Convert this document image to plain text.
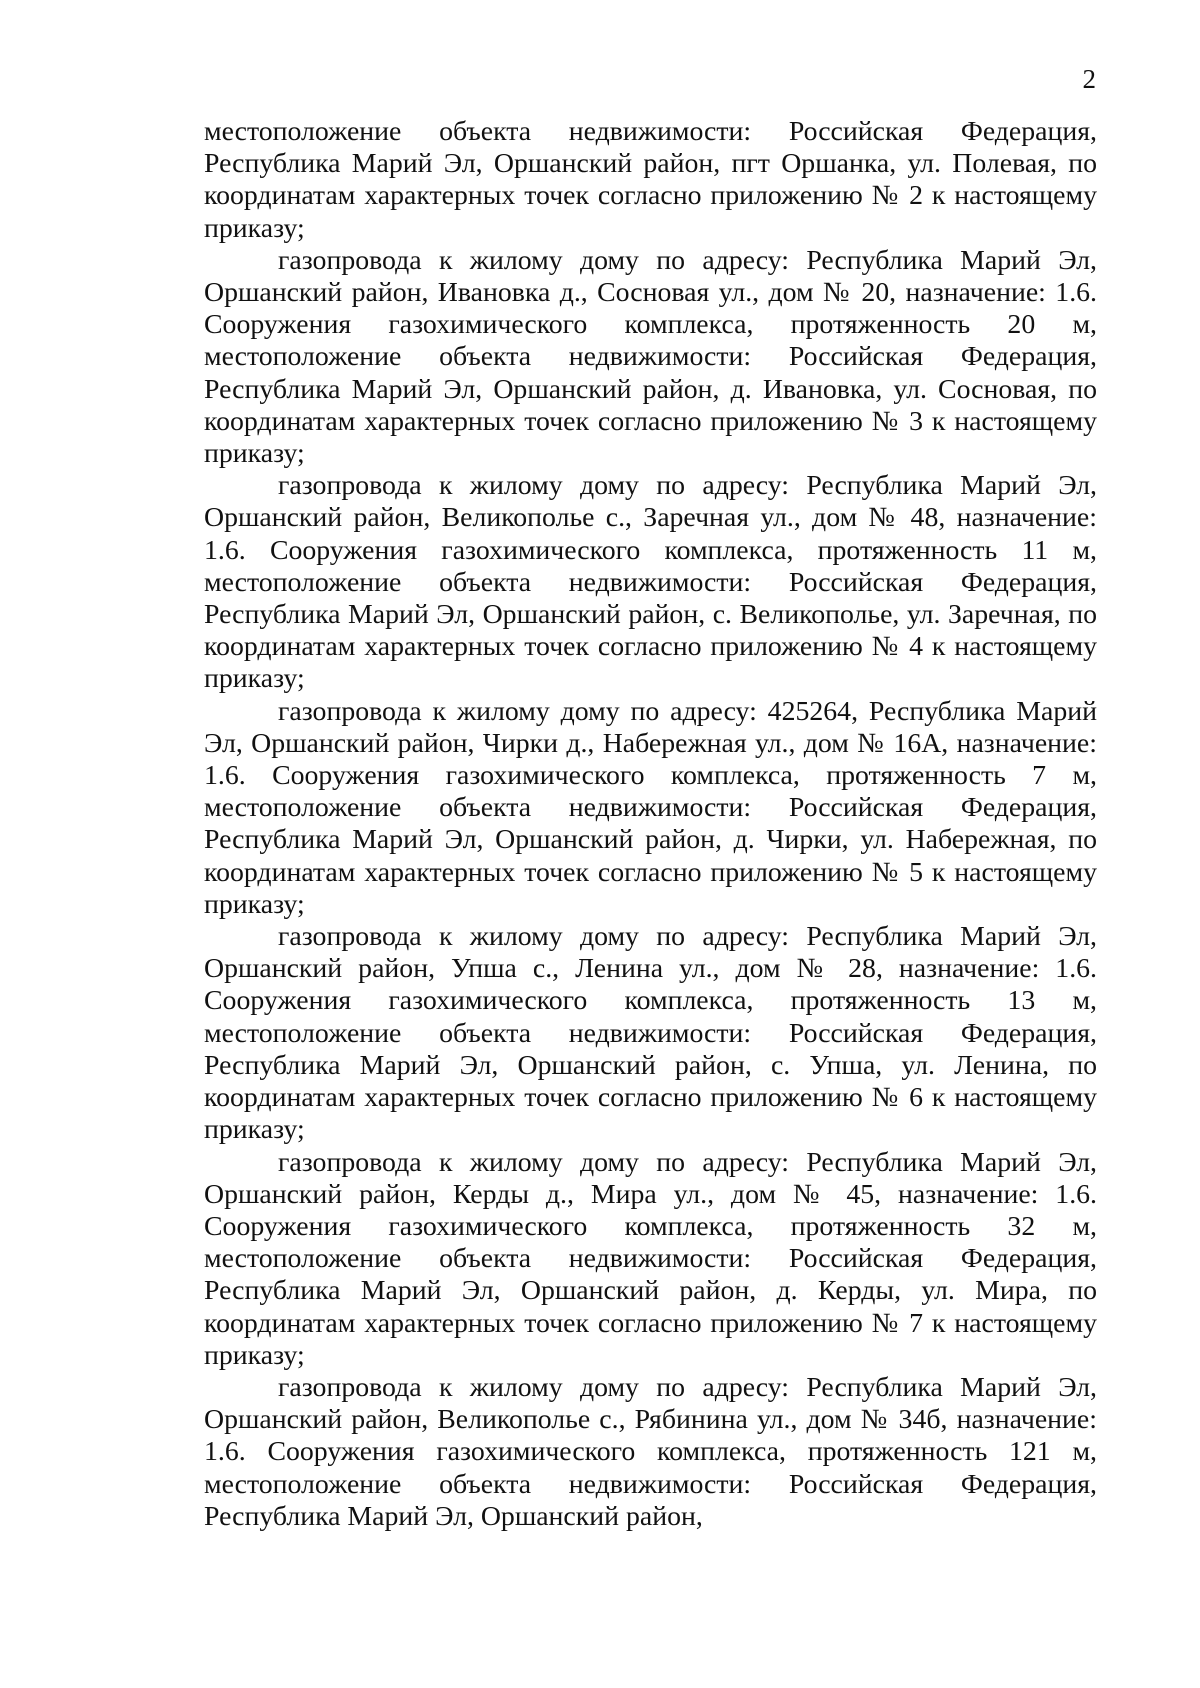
2

местоположение объекта недвижимости: Российская Федерация, Республика Марий Эл, Оршанский район, пгт Оршанка, ул. Полевая, по координатам характерных точек согласно приложению № 2 к настоящему приказу;

газопровода к жилому дому по адресу: Республика Марий Эл, Оршанский район, Ивановка д., Сосновая ул., дом № 20, назначение: 1.6. Сооружения газохимического комплекса, протяженность 20 м, местоположение объекта недвижимости: Российская Федерация, Республика Марий Эл, Оршанский район, д. Ивановка, ул. Сосновая, по координатам характерных точек согласно приложению № 3 к настоящему приказу;

газопровода к жилому дому по адресу: Республика Марий Эл, Оршанский район, Великополье с., Заречная ул., дом № 48, назначение: 1.6. Сооружения газохимического комплекса, протяженность 11 м, местоположение объекта недвижимости: Российская Федерация, Республика Марий Эл, Оршанский район, с. Великополье, ул. Заречная, по координатам характерных точек согласно приложению № 4 к настоящему приказу;

газопровода к жилому дому по адресу: 425264, Республика Марий Эл, Оршанский район, Чирки д., Набережная ул., дом № 16А, назначение: 1.6. Сооружения газохимического комплекса, протяженность 7 м, местоположение объекта недвижимости: Российская Федерация, Республика Марий Эл, Оршанский район, д. Чирки, ул. Набережная, по координатам характерных точек согласно приложению № 5 к настоящему приказу;

газопровода к жилому дому по адресу: Республика Марий Эл, Оршанский район, Упша с., Ленина ул., дом № 28, назначение: 1.6. Сооружения газохимического комплекса, протяженность 13 м, местоположение объекта недвижимости: Российская Федерация, Республика Марий Эл, Оршанский район, с. Упша, ул. Ленина, по координатам характерных точек согласно приложению № 6 к настоящему приказу;

газопровода к жилому дому по адресу: Республика Марий Эл, Оршанский район, Керды д., Мира ул., дом № 45, назначение: 1.6. Сооружения газохимического комплекса, протяженность 32 м, местоположение объекта недвижимости: Российская Федерация, Республика Марий Эл, Оршанский район, д. Керды, ул. Мира, по координатам характерных точек согласно приложению № 7 к настоящему приказу;

газопровода к жилому дому по адресу: Республика Марий Эл, Оршанский район, Великополье с., Рябинина ул., дом № 34б, назначение: 1.6. Сооружения газохимического комплекса, протяженность 121 м, местоположение объекта недвижимости: Российская Федерация, Республика Марий Эл, Оршанский район,
